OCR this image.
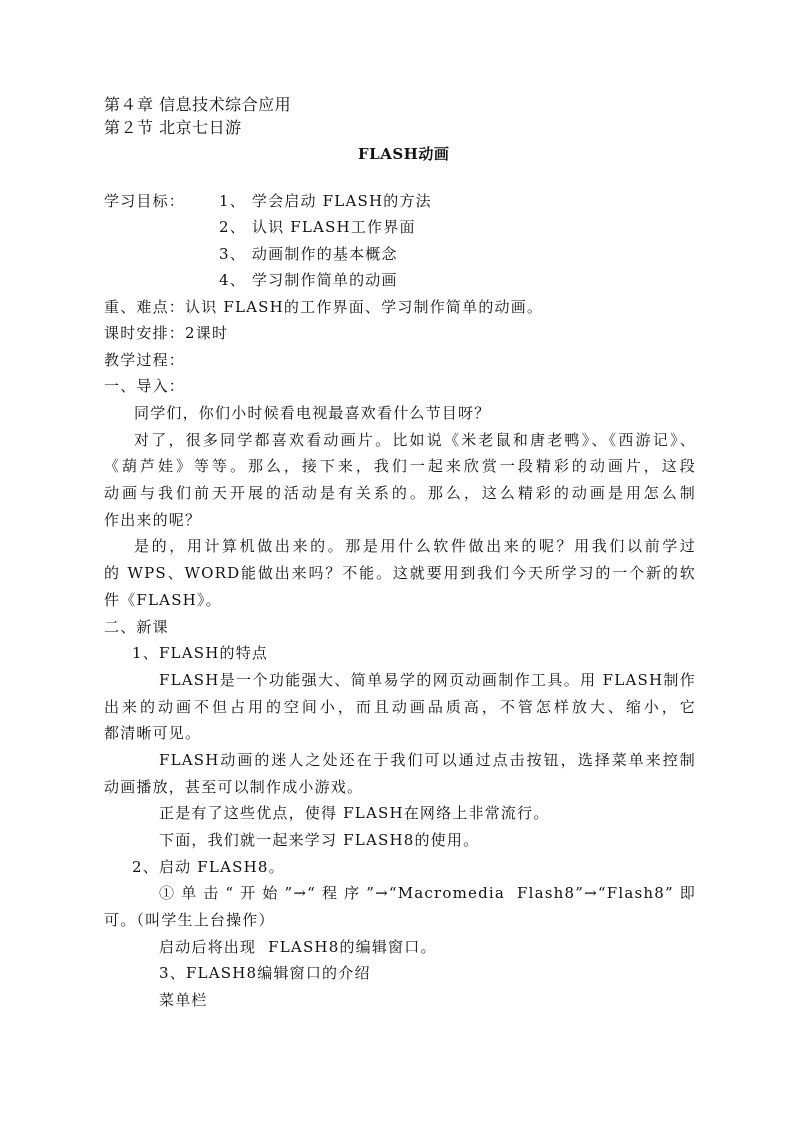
第４章 信息技术综合应用
第２节 北京七日游
FLASH动画
学习目标： 1、 学会启动 FLASH的方法
2、 认识 FLASH工作界面
3、 动画制作的基本概念
4、 学习制作简单的动画
重、难点：认识 FLASH的工作界面、学习制作简单的动画。
课时安排：2课时
教学过程：
一、导入：
同学们，你们小时候看电视最喜欢看什么节目呀？
对了，很多同学都喜欢看动画片。比如说《米老鼠和唐老鸭》、《西游记》、
《葫芦娃》等等。那么，接下来，我们一起来欣赏一段精彩的动画片，这段
动画与我们前天开展的活动是有关系的。那么，这么精彩的动画是用怎么制
作出来的呢？
是的，用计算机做出来的。那是用什么软件做出来的呢？用我们以前学过
的 WPS、WORD能做出来吗？不能。这就要用到我们今天所学习的一个新的软
件《FLASH》。
二、新课
1、FLASH的特点
FLASH是一个功能强大、简单易学的网页动画制作工具。用 FLASH制作
出来的动画不但占用的空间小，而且动画品质高，不管怎样放大、缩小，它
都清晰可见。
FLASH动画的迷人之处还在于我们可以通过点击按钮，选择菜单来控制
动画播放，甚至可以制作成小游戏。
正是有了这些优点，使得 FLASH在网络上非常流行。
下面，我们就一起来学习 FLASH8的使用。
2、启动 FLASH8。
①单击“开始”→“程序”→“Macromedia Flash8”→“Flash8”即
可。（叫学生上台操作）
启动后将出现  FLASH8的编辑窗口。
3、FLASH8编辑窗口的介绍
菜单栏
